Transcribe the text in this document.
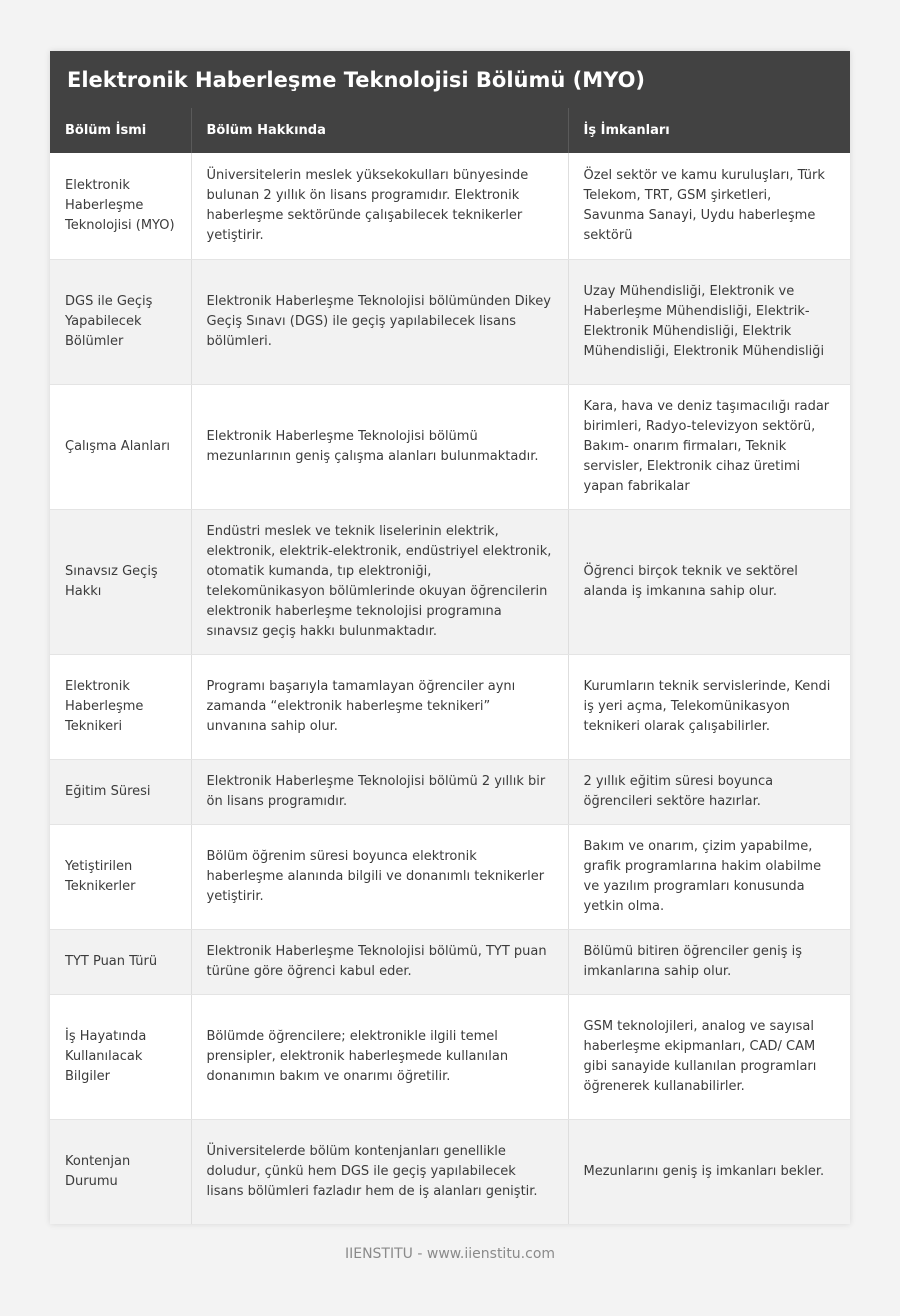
Elektronik Haberleşme Teknolojisi Bölümü (MYO)
Bölüm İsmi	Bölüm Hakkında	İş İmkanları
Elektronik Haberleşme Teknolojisi (MYO)	Üniversitelerin meslek yüksekokulları bünyesinde bulunan 2 yıllık ön lisans programıdır. Elektronik haberleşme sektöründe çalışabilecek teknikerler yetiştirir.	Özel sektör ve kamu kuruluşları, Türk Telekom, TRT, GSM şirketleri, Savunma Sanayi, Uydu haberleşme sektörü
DGS ile Geçiş Yapabilecek Bölümler	Elektronik Haberleşme Teknolojisi bölümünden Dikey Geçiş Sınavı (DGS) ile geçiş yapılabilecek lisans bölümleri.	Uzay Mühendisliği, Elektronik ve Haberleşme Mühendisliği, Elektrik-Elektronik Mühendisliği, Elektrik Mühendisliği, Elektronik Mühendisliği
Çalışma Alanları	Elektronik Haberleşme Teknolojisi bölümü mezunlarının geniş çalışma alanları bulunmaktadır.	Kara, hava ve deniz taşımacılığı radar birimleri, Radyo-televizyon sektörü, Bakım- onarım firmaları, Teknik servisler, Elektronik cihaz üretimi yapan fabrikalar
Sınavsız Geçiş Hakkı	Endüstri meslek ve teknik liselerinin elektrik, elektronik, elektrik-elektronik, endüstriyel elektronik, otomatik kumanda, tıp elektroniği, telekomünikasyon bölümlerinde okuyan öğrencilerin elektronik haberleşme teknolojisi programına sınavsız geçiş hakkı bulunmaktadır.	Öğrenci birçok teknik ve sektörel alanda iş imkanına sahip olur.
Elektronik Haberleşme Teknikeri	Programı başarıyla tamamlayan öğrenciler aynı zamanda “elektronik haberleşme teknikeri” unvanına sahip olur.	Kurumların teknik servislerinde, Kendi iş yeri açma, Telekomünikasyon teknikeri olarak çalışabilirler.
Eğitim Süresi	Elektronik Haberleşme Teknolojisi bölümü 2 yıllık bir ön lisans programıdır.	2 yıllık eğitim süresi boyunca öğrencileri sektöre hazırlar.
Yetiştirilen Teknikerler	Bölüm öğrenim süresi boyunca elektronik haberleşme alanında bilgili ve donanımlı teknikerler yetiştirir.	Bakım ve onarım, çizim yapabilme, grafik programlarına hakim olabilme ve yazılım programları konusunda yetkin olma.
TYT Puan Türü	Elektronik Haberleşme Teknolojisi bölümü, TYT puan türüne göre öğrenci kabul eder.	Bölümü bitiren öğrenciler geniş iş imkanlarına sahip olur.
İş Hayatında Kullanılacak Bilgiler	Bölümde öğrencilere; elektronikle ilgili temel prensipler, elektronik haberleşmede kullanılan donanımın bakım ve onarımı öğretilir.	GSM teknolojileri, analog ve sayısal haberleşme ekipmanları, CAD/ CAM gibi sanayide kullanılan programları öğrenerek kullanabilirler.
Kontenjan Durumu	Üniversitelerde bölüm kontenjanları genellikle doludur, çünkü hem DGS ile geçiş yapılabilecek lisans bölümleri fazladır hem de iş alanları geniştir.	Mezunlarını geniş iş imkanları bekler.
IIENSTITU - www.iienstitu.com
